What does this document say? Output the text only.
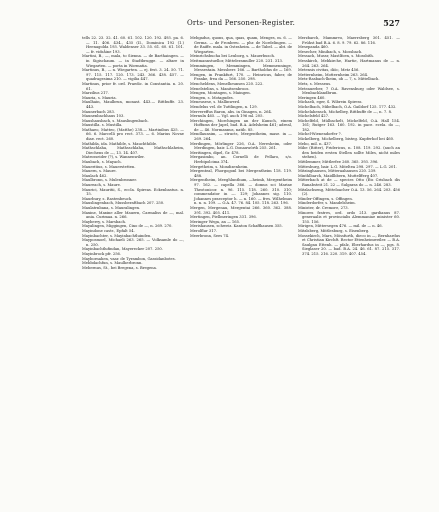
Orts- und Personen-Register.	527

tells 22. 23. 32. 41. 60. 61. 102. 120. 192. 493. pa. 6.— 11. 406. 434., 435 (II., Dominica 192 (1.) Heenagolda 193. Waldenser 33. 55. 61. 60. 61. 101. — fr. vidsåine 193.

Martini, B., —, mala, to Sienna. — de Barthaingen. — in Sigischaum. — in Stadtbrugge. — altare in Wiegarten. — porta in Wormatia.

Martinus, B., — n. Wiegarten. — ej. fest. 3. 24. 50. 71. 97. 115. 117. 120. 173. 243. 366. 438. 457. — quadragesima 210. — vigilia 447.

Martinus, prior fr. ord. Praedic. in Constantia. n. 20. 61.

Marzilius 217.

Mauria, s. Mauria.

Maulhain, Maulbrun, monast. 443.— Rittbuffe. 23. 443.

Maunerbach 283.

Maunenbachhaus 103.

Maushausbach, s. Mauslingenbach.

Maustilla. s. Mustilla.

Mathaeo, Matteo, (Matthe) 238.— Martinibus 425. — 66. 6. Marcelli pro rect. 373. — 6. Marius Novae diae. rect. 260.

Mathilda, ida. Mathilde, s. Mauchthilde.

Mathschlaha, Mathsschlaha, Mathschlaheim, Diechens de —, 13. 14. 407.

Matrosseider (?), s. Wannenwiler.

Maubach, s. Mayach.

Maueritius, s. Mauerstetten.

Mauern, s. Maure.

Maulach 462.

Maulbronn, s. Mulenbronner.

Maureach, s. Maure.

Maurici, Mauritii, S., eccla. Spireas. Eckenbastus. n. 15.

Maurbury, s. Rastenbeuch.

Mauslingenbach, Mussberaftbach 207. 250.

Maulatrnbana, s. Mauralingen.

Maxine, Maxine aller Mauern, Carmaliss de —, mal. ania. Curimaa. n. 266.

Mayberry, s. Marsbach.

Mayalingen, Miggingen, Cino de —, n. 269. 270.

Mayindone castr., Epfalt 54.

Mayinbachter, s. Mayinbachtluinden.

Mayposmoel, Michaeli 263. 265. — Volksamle do —, n. 250.

Mayinbachtlufindan, Mayerecker 207. 250.

Mayinbrock pfr. 256.

Maybornahen, vaar. de Tyrambon, Gassidanbotes.

Mebbdachfun, s. Maulherbronn.

Mebernus, St., bei Bregena, s. Bregena.

Mebgadus, quons, qua, quas, quam, Menges, m. 6. — Germa. — de Fronbreu. — phr. de Nordelingen. — de Raiffe. mala. in Ostraheim. — de Tabel. — abt. de Wiegarten.

Meinrichsbucha bei Leuborg, s. Mauerbusch.

Meitmannstuellor, Mitteleramuller 220. 231. 313.

Memmingen, Memmingen, Memmenninge, Messestain. Messberr. 166. — Bartholdus de — 169.

Mengen, in Frankfurt, 170. — Heinricus, faber, de Franke, frea da — 166. 250. 298.

Mencheldens, Menelheunsen 220. 222.

Menelstelins, s. Manitsenbroos.

Mengen, Montagen, s. Maingen.

Mengen, s. Motagudes.

Meneusese, s. Mallinwerd.

Mendelus vel. de Tuttlingen, n. 129.

Mervereffus Baron, abs. in Ginagen, n. 264.

Mernuln 465. — Vgl. auch 196 ml. 205.

Merchingen, Morchingen an der Kunsch, einem Hoffums der Japel, bad. B.A. Adelsheim 461; adreal, de — 46. Normannus, natib. 85.

Mendlaunsim, — structs, Mergentheim, mase. in — 269. 264.

Merdingen, Mörlinger 226, O.A. Neresheim, oder Merdingen, bair. L.G. Donauwörth 255. 261.

Meritingen, dipel, Gr. 478.

Mergasimbo, an. Cornelli de Pellaro, s/o. Herbipolcima 374.

Mergetheim, s. Mondizenheim.

Mergenteal, Fhorgogonl bei Mergentheim 118. 119. 488.

Mergentheim, Meeghlunthum, —heimb, Mergentheim 97. 162. — capella 366. — domus sci Mariae Theotonicor. n. 96. 115. 118. 260. 310. 310; commendator in —. 129; Johannes sig. 110. Johannes praeceptor h. — n. 160. — fres. Wilhelmus n. n. n. 109. — O.A. 47. 76. 84. 105. 118. 263. 196.

Mergen, Mergenau, Mergentai 266. 360. 362. 388. 391. 392. 405. 411.

Mertingen, Piellmeringen 331. 396.

Meringer Wega, an — 165.

Merishausen, schweiz. Kanton Schaffhausen 355.

Merolflur 317.

Meerbronn, Sees 74.

Merzbarch, Mammrvo, Maerrsberg 301. 451. — Frühst bad B.A. 6. 8. 9. 79. 62. 86. 116.

Mesepanda 460.

Mesecher, Minibach, s. Mossbach.

Messach, Mussr, Mastlfoen, s. Mossbith.

Messkirch, Mebkirche, Hartie, Hartmanus de — n. 264. 263. 264.

Metensis civitas, diöc, Metz 456.

Metternheim, Motternheim 263. 264.

Metz-Rasbach-lheim, ob — 7, s. Mittelbach.

Metz, s. Messeus.

Meteauerber, 7 O.A. Ravensburg oder Waldsee, s. Menbachlandbrun.

Meringen 460.

Michaeli, eger, S. Wibrein Spiress.

Michelbach, Mibelbach, O.A. Gaildorf 125. 177. 432.

Michelahensch, Michelbey, Rittbuffe de —, n. 7. 8.

Michelsfeld 427.

Michelfeld, Mülbachelt, Michelfeld, O.A. Hall 154. 161; Rutger 163. 160. 192. in pace. ecela. do —, 182.

Michel-Wienendorfer ?.

Mickelberg, Michelberg, bisteg. Kupferhof bei 460.

Mebo, mil. n. 437.

Mibe (Ritter), Fridericus, n. 108. 119. 292. (auch an den beiden ersten Stellen sollte Miles, nicht miles stehen).

Mittlemmer, Mittlerfee 260. 365. 393. 396.

Mittesburg, bair. L.G. Miteltea 298. 297. — L.G. 201.

Mitzinghausen, Mitteraahausen 220. 239.

Minthlbarch, Maidlbbern, Muttelfferg 407.

Mitterbach at de — species Otto (Eis Crisbach dis Ranabsteit 21. 22 — Sulgaras do — n. 246. 283.

Mitzlachseng, Mitteloacher O.A. 13. 56. 264. 203. 456 (2).

Minder-Offingen, s. Offingen.

Minderdorfer, s. Mandelsheim.

Minister, dr. Cremore, 273.

Minores fratres, ord. ordo 213. gardianus 87. generaalis et provincialis Alemmaniae minister 60. 155. 156.

Mirigen, Mittersegen 476. — mil. de — n. 46.

Mitzlsberg, Mittlesburg, s. Eisenberg.

Mossekirch, Mars, Mössfurth, dieco in —, Bernhardus et Christian Kirchft. Rector Ettenheimweiler. — B.A. Saulgau Ettenh. — pfalz, Eberhardus in —, pgs. 8. Sieglaser 20. — bad. B.A. 24. 46. 61. 87. 215. 317. 374. 215. 216. 220. 319. 407. 454.
